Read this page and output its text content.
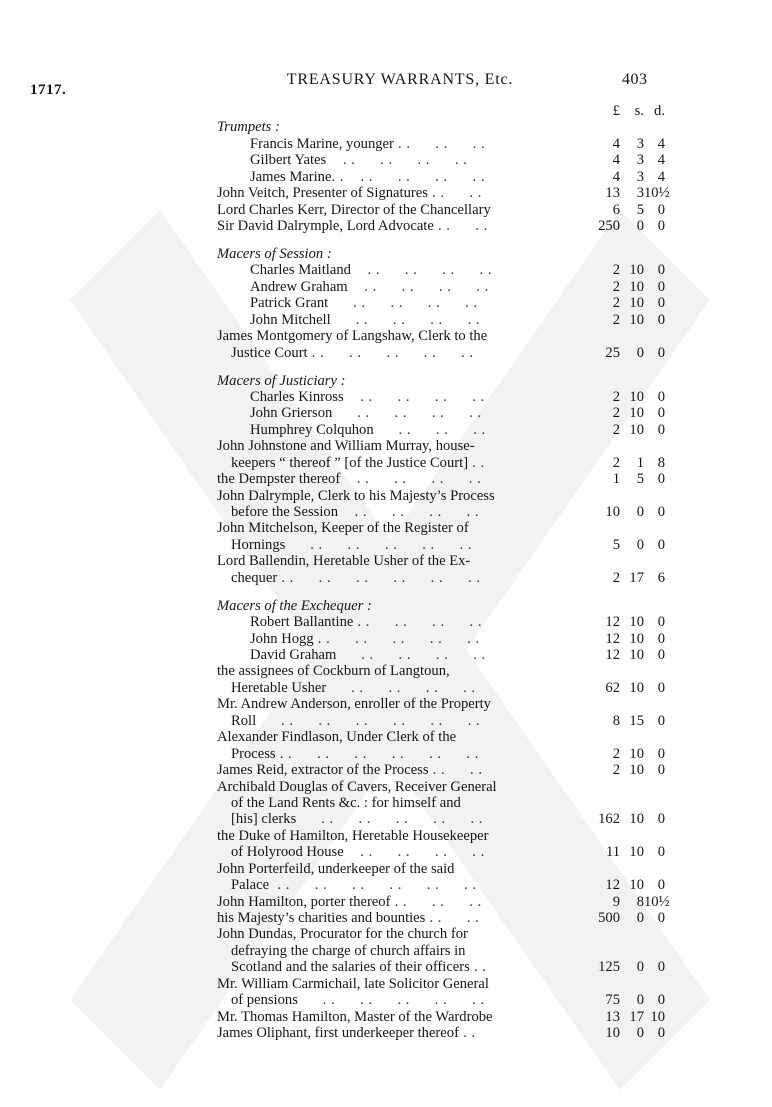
1717.
TREASURY WARRANTS, Etc.	403
£	s. d.
Trumpets :
Francis Marine, younger . .      . .      . .	4	3 4
Gilbert Yates    . .      . .      . .      . .	4	3 4
James Marine. .    . .      . .      . .      . .	4	3 4
John Veitch, Presenter of Signatures . .      . .	13	3 10½
Lord Charles Kerr, Director of the Chancellary	6	5 0
Sir David Dalrymple, Lord Advocate . .      . .	250	0 0
Macers of Session :
Charles Maitland    . .      . .      . .      . .	2 10 0
Andrew Graham    . .      . .      . .      . .	2 10 0
Patrick Grant      . .      . .      . .      . .	2 10 0
John Mitchell      . .      . .      . .      . .	2 10 0
James Montgomery of Langshaw, Clerk to the
Justice Court . .      . .      . .      . .      . .	25	0 0
Macers of Justiciary :
Charles Kinross    . .      . .      . .      . .	2 10 0
John Grierson      . .      . .      . .      . .	2 10 0
Humphrey Colquhon      . .      . .      . .	2 10 0
John Johnstone and William Murray, house-
keepers “ thereof ” [of the Justice Court] . .	2	1 8
the Dempster thereof    . .      . .      . .      . .	1	5 0
John Dalrymple, Clerk to his Majesty’s Process
before the Session    . .      . .      . .      . .	10	0 0
John Mitchelson, Keeper of the Register of
Hornings      . .      . .      . .      . .      . .	5	0 0
Lord Ballendin, Heretable Usher of the Ex-
chequer . .      . .      . .      . .      . .      . .	2 17 6
Macers of the Exchequer :
Robert Ballantine . .      . .      . .      . .	12 10 0
John Hogg . .      . .      . .      . .      . .	12 10 0
David Graham      . .      . .      . .      . .	12 10 0
the assignees of Cockburn of Langtoun,
Heretable Usher      . .      . .      . .      . .	62 10 0
Mr. Andrew Anderson, enroller of the Property
Roll      . .      . .      . .      . .      . .      . .	8 15 0
Alexander Findlason, Under Clerk of the
Process . .      . .      . .      . .      . .      . .	2 10 0
James Reid, extractor of the Process . .      . .	2 10 0
Archibald Douglas of Cavers, Receiver General
of the Land Rents &c. : for himself and
[his] clerks      . .      . .      . .      . .      . .	162 10 0
the Duke of Hamilton, Heretable Housekeeper
of Holyrood House    . .      . .      . .      . .	11 10 0
John Porterfeild, underkeeper of the said
Palace  . .      . .      . .      . .      . .      . .	12 10 0
John Hamilton, porter thereof . .      . .      . .	9	8 10½
his Majesty’s charities and bounties . .      . .	500	0 0
John Dundas, Procurator for the church for
defraying the charge of church affairs in
Scotland and the salaries of their officers . .	125	0 0
Mr. William Carmichail, late Solicitor General
of pensions      . .      . .      . .      . .      . .	75	0 0
Mr. Thomas Hamilton, Master of the Wardrobe	13 17 10
James Oliphant, first underkeeper thereof . .	10	0 0
